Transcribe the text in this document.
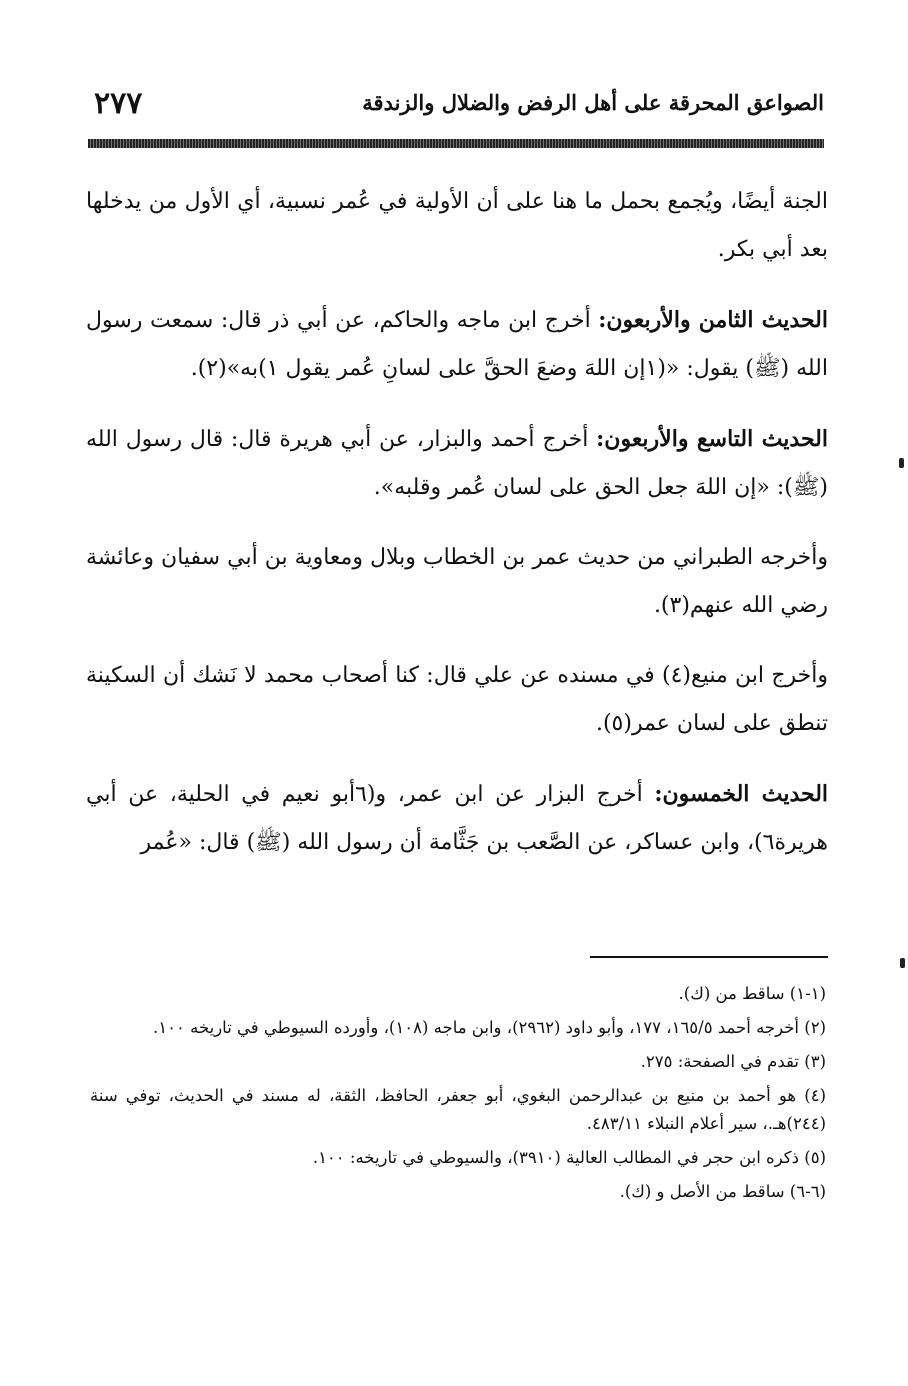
الصواعق المحرقة على أهل الرفض والضلال والزندقة
٢٧٧

الجنة أيضًا، ويُجمع بحمل ما هنا على أن الأولية في عُمر نسبية، أي الأول من يدخلها بعد أبي بكر.

الحديث الثامن والأربعون: أخرج ابن ماجه والحاكم، عن أبي ذر قال: سمعت رسول الله (ﷺ) يقول: «(١إن اللهَ وضعَ الحقَّ على لسانِ عُمر يقول ١)به»(٢).

الحديث التاسع والأربعون: أخرج أحمد والبزار، عن أبي هريرة قال: قال رسول الله (ﷺ): «إن اللهَ جعل الحق على لسان عُمر وقلبه».

وأخرجه الطبراني من حديث عمر بن الخطاب وبلال ومعاوية بن أبي سفيان وعائشة رضي الله عنهم(٣).

وأخرج ابن منيع(٤) في مسنده عن علي قال: كنا أصحاب محمد لا نَشك أن السكينة تنطق على لسان عمر(٥).

الحديث الخمسون: أخرج البزار عن ابن عمر، و(٦أبو نعيم في الحلية، عن أبي هريرة٦)، وابن عساكر، عن الصَّعب بن جَثَّامة أن رسول الله (ﷺ) قال: «عُمر

(١-١) ساقط من (ك).
(٢) أخرجه أحمد ١٦٥/٥، ١٧٧، وأبو داود (٢٩٦٢)، وابن ماجه (١٠٨)، وأورده السيوطي في تاريخه ١٠٠.
(٣) تقدم في الصفحة: ٢٧٥.
(٤) هو أحمد بن منيع بن عبدالرحمن البغوي، أبو جعفر، الحافظ، الثقة، له مسند في الحديث، توفي سنة (٢٤٤)هـ.، سير أعلام النبلاء ٤٨٣/١١.
(٥) ذكره ابن حجر في المطالب العالية (٣٩١٠)، والسيوطي في تاريخه: ١٠٠.
(٦-٦) ساقط من الأصل و (ك).
